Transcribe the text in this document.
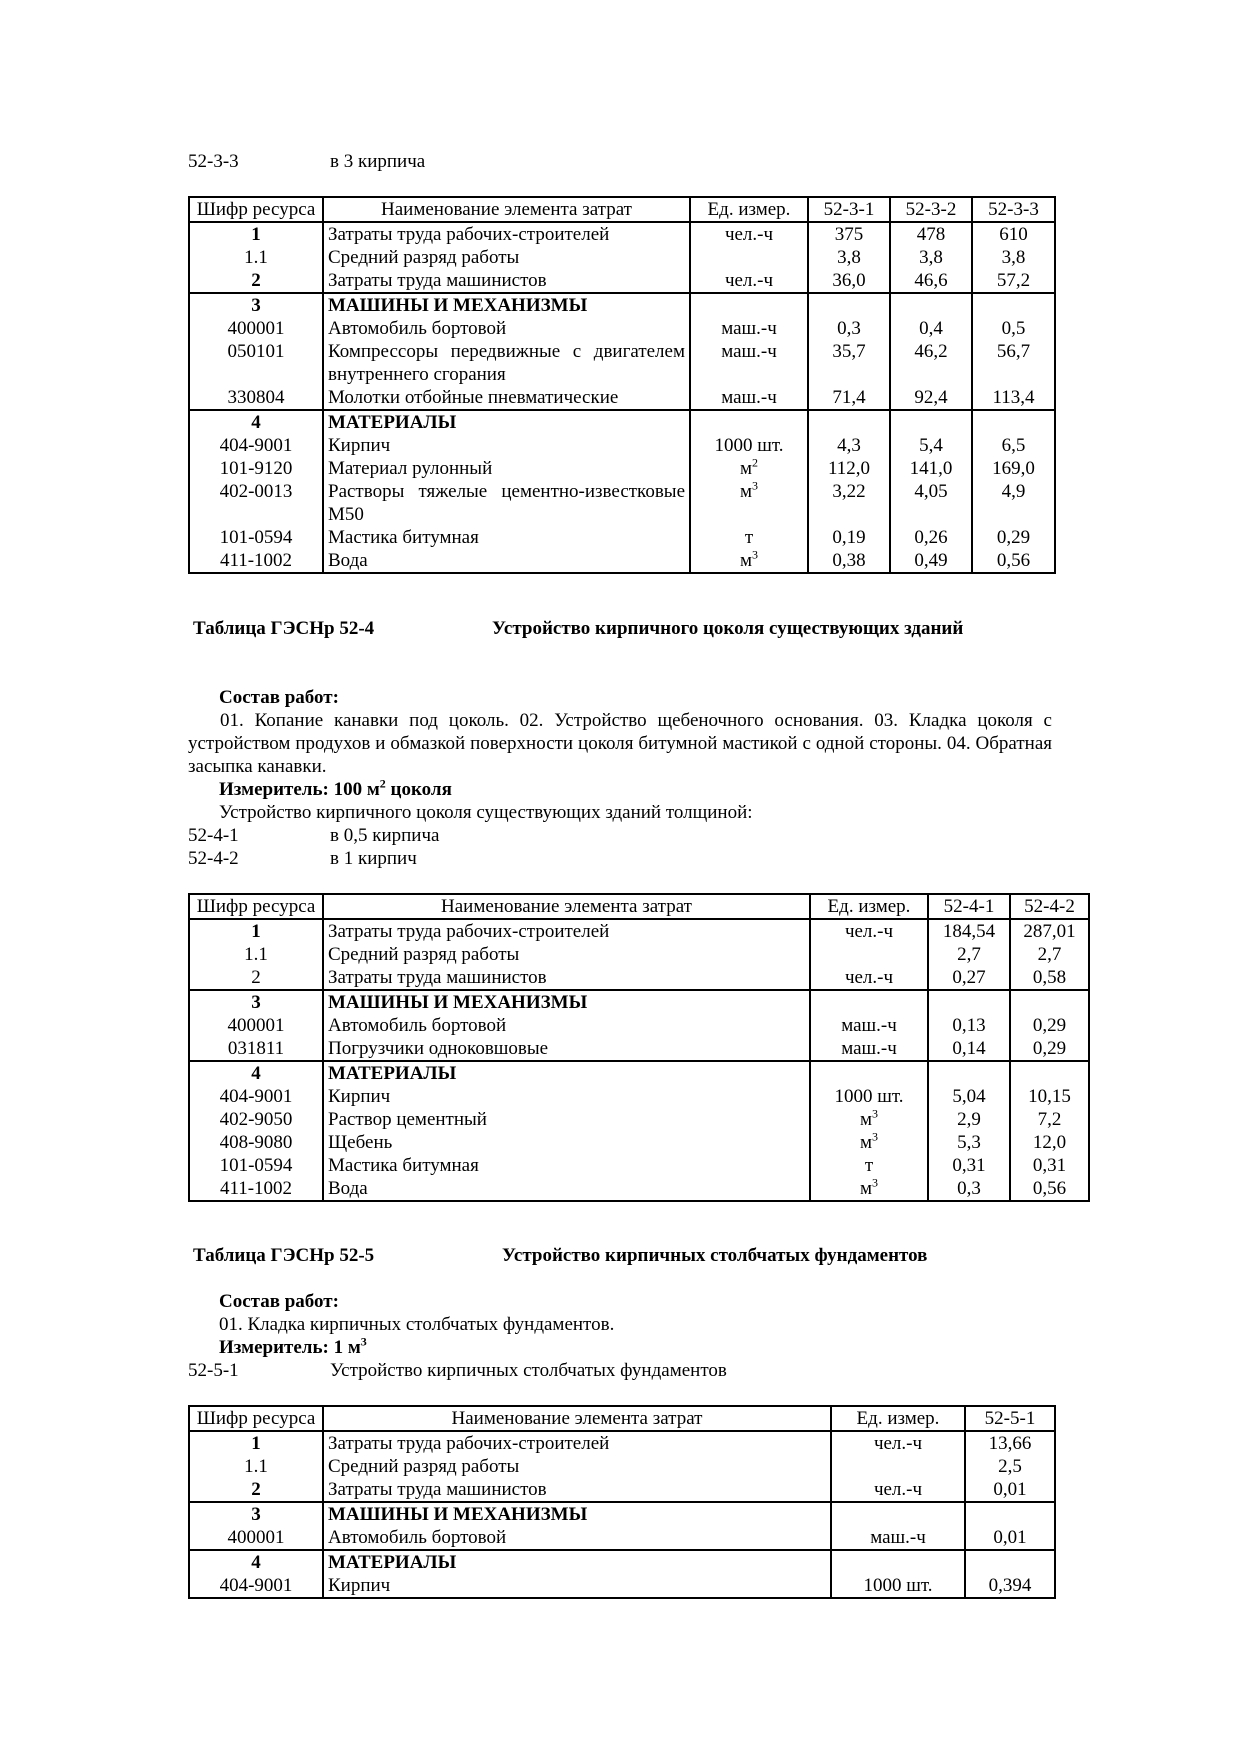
52-3-3	в 3 кирпича
Шифр ресурса	Наименование элемента затрат	Ед. измер.	52-3-1	52-3-2	52-3-3
1	Затраты труда рабочих-строителей	чел.-ч	375	478	610
1.1	Средний разряд работы		3,8	3,8	3,8
2	Затраты труда машинистов	чел.-ч	36,0	46,6	57,2
3	МАШИНЫ И МЕХАНИЗМЫ				
400001	Автомобиль бортовой	маш.-ч	0,3	0,4	0,5
050101	Компрессоры передвижные с двигателем внутреннего сгорания	маш.-ч	35,7	46,2	56,7
330804	Молотки отбойные пневматические	маш.-ч	71,4	92,4	113,4
4	МАТЕРИАЛЫ				
404-9001	Кирпич	1000 шт.	4,3	5,4	6,5
101-9120	Материал рулонный	$м^2$	112,0	141,0	169,0
402-0013	Растворы тяжелые цементно-известковые М50	$м^3$	3,22	4,05	4,9
101-0594	Мастика битумная	т	0,19	0,26	0,29
411-1002	Вода	$м^3$	0,38	0,49	0,56
Таблица ГЭСНр 52-4	Устройство кирпичного цоколя существующих зданий
Состав работ:
01. Копание канавки под цоколь. 02. Устройство щебеночного основания. 03. Кладка цоколя с устройством продухов и обмазкой поверхности цоколя битумной мастикой с одной стороны. 04. Обратная засыпка канавки.
Измеритель: 100 $м^2$ цоколя
Устройство кирпичного цоколя существующих зданий толщиной:
52-4-1	в 0,5 кирпича
52-4-2	в 1 кирпич
Шифр ресурса	Наименование элемента затрат	Ед. измер.	52-4-1	52-4-2
1	Затраты труда рабочих-строителей	чел.-ч	184,54	287,01
1.1	Средний разряд работы		2,7	2,7
2	Затраты труда машинистов	чел.-ч	0,27	0,58
3	МАШИНЫ И МЕХАНИЗМЫ			
400001	Автомобиль бортовой	маш.-ч	0,13	0,29
031811	Погрузчики одноковшовые	маш.-ч	0,14	0,29
4	МАТЕРИАЛЫ			
404-9001	Кирпич	1000 шт.	5,04	10,15
402-9050	Раствор цементный	$м^3$	2,9	7,2
408-9080	Щебень	$м^3$	5,3	12,0
101-0594	Мастика битумная	т	0,31	0,31
411-1002	Вода	$м^3$	0,3	0,56
Таблица ГЭСНр 52-5	Устройство кирпичных столбчатых фундаментов
Состав работ:
01. Кладка кирпичных столбчатых фундаментов.
Измеритель: 1 $м^3$
52-5-1	Устройство кирпичных столбчатых фундаментов
Шифр ресурса	Наименование элемента затрат	Ед. измер.	52-5-1
1	Затраты труда рабочих-строителей	чел.-ч	13,66
1.1	Средний разряд работы		2,5
2	Затраты труда машинистов	чел.-ч	0,01
3	МАШИНЫ И МЕХАНИЗМЫ		
400001	Автомобиль бортовой	маш.-ч	0,01
4	МАТЕРИАЛЫ		
404-9001	Кирпич	1000 шт.	0,394
